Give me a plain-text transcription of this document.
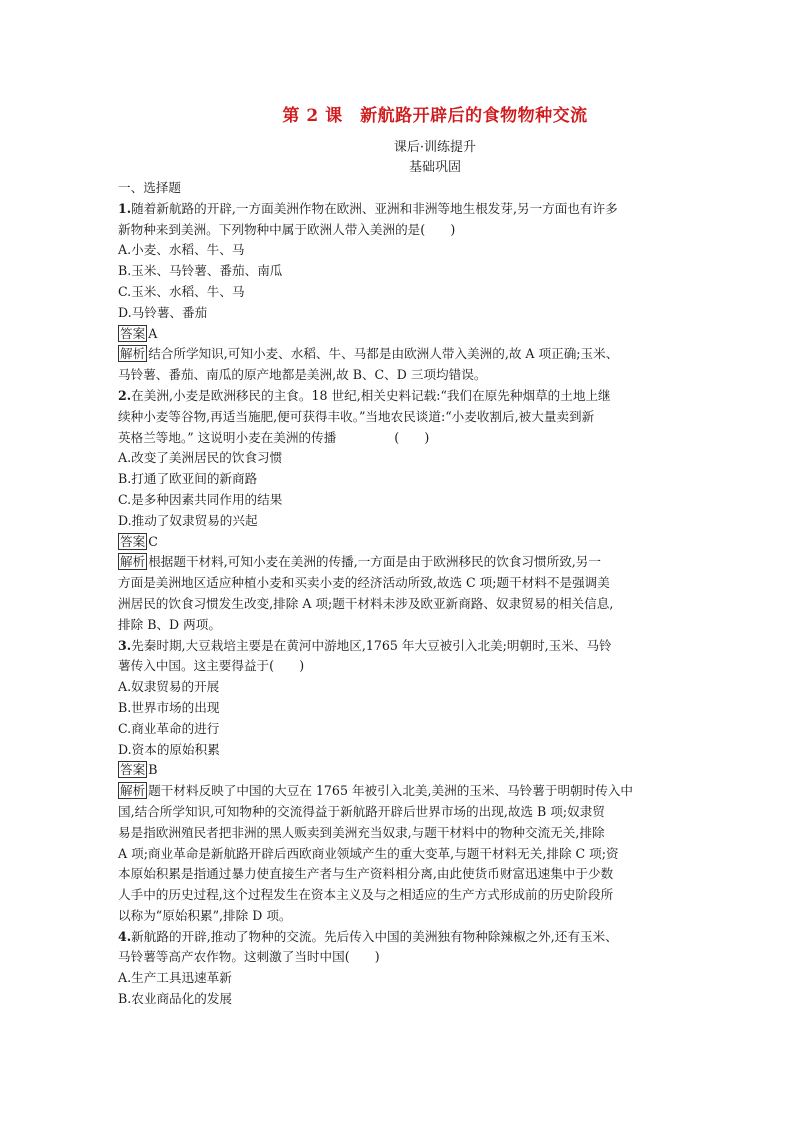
第 2 课　新航路开辟后的食物物种交流
课后·训练提升
基础巩固
一、选择题
1.随着新航路的开辟,一方面美洲作物在欧洲、亚洲和非洲等地生根发芽,另一方面也有许多
新物种来到美洲。下列物种中属于欧洲人带入美洲的是(　　)
A.小麦、水稻、牛、马
B.玉米、马铃薯、番茄、南瓜
C.玉米、水稻、牛、马
D.马铃薯、番茄
答案 A
解析 结合所学知识,可知小麦、水稻、牛、马都是由欧洲人带入美洲的,故 A 项正确;玉米、
马铃薯、番茄、南瓜的原产地都是美洲,故 B、C、D 三项均错误。
2.在美洲,小麦是欧洲移民的主食。18 世纪,相关史料记载:“我们在原先种烟草的土地上继
续种小麦等谷物,再适当施肥,便可获得丰收。”当地农民谈道:“小麦收割后,被大量卖到新
英格兰等地。” 这说明小麦在美洲的传播	(　　)
A.改变了美洲居民的饮食习惯
B.打通了欧亚间的新商路
C.是多种因素共同作用的结果
D.推动了奴隶贸易的兴起
答案 C
解析 根据题干材料,可知小麦在美洲的传播,一方面是由于欧洲移民的饮食习惯所致,另一
方面是美洲地区适应种植小麦和买卖小麦的经济活动所致,故选 C 项;题干材料不是强调美
洲居民的饮食习惯发生改变,排除 A 项;题干材料未涉及欧亚新商路、奴隶贸易的相关信息,
排除 B、D 两项。
3.先秦时期,大豆栽培主要是在黄河中游地区,1765 年大豆被引入北美;明朝时,玉米、马铃
薯传入中国。这主要得益于(　　)
A.奴隶贸易的开展
B.世界市场的出现
C.商业革命的进行
D.资本的原始积累
答案 B
解析 题干材料反映了中国的大豆在 1765 年被引入北美,美洲的玉米、马铃薯于明朝时传入中
国,结合所学知识,可知物种的交流得益于新航路开辟后世界市场的出现,故选 B 项;奴隶贸
易是指欧洲殖民者把非洲的黑人贩卖到美洲充当奴隶,与题干材料中的物种交流无关,排除
A 项;商业革命是新航路开辟后西欧商业领域产生的重大变革,与题干材料无关,排除 C 项;资
本原始积累是指通过暴力使直接生产者与生产资料相分离,由此使货币财富迅速集中于少数
人手中的历史过程,这个过程发生在资本主义及与之相适应的生产方式形成前的历史阶段所
以称为“原始积累”,排除 D 项。
4.新航路的开辟,推动了物种的交流。先后传入中国的美洲独有物种除辣椒之外,还有玉米、
马铃薯等高产农作物。这刺激了当时中国(　　)
A.生产工具迅速革新
B.农业商品化的发展
